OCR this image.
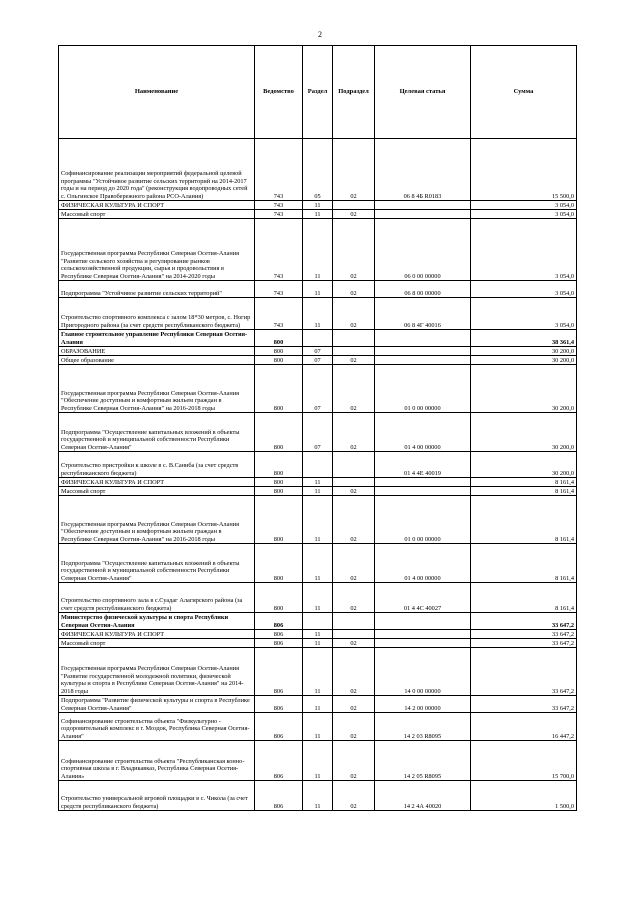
2
Наименование	Ведомство	Раздел	Подраздел	Целевая статья	Сумма
Софинансирование реализации мероприятий федеральной целевой программы "Устойчивое развитие сельских территорий на 2014-2017 годы и на период до 2020 года" (реконструкция водопроводных сетей с. Ольгинское Правобережного района РСО-Алания)	743	05	02	06 8 4Б R0183	15 500,0
ФИЗИЧЕСКАЯ КУЛЬТУРА И СПОРТ	743	11			3 054,0
Массовый спорт	743	11	02		3 054,0
Государственная программа Республики Северная Осетия-Алания "Развитие сельского хозяйства и регулирование рынков сельскохозяйственной продукции, сырья и продовольствия в Республике Северная Осетия-Алания" на 2014-2020 годы	743	11	02	06 0 00 00000	3 054,0
Подпрограмма "Устойчивое развитие сельских территорий"	743	11	02	06 8 00 00000	3 054,0
Строительство спортивного комплекса с залом 18*30 метров, с. Ногир Пригородного района (за счет средств республиканского бюджета)	743	11	02	06 8 4Г 40016	3 054,0
Главное строительное управление Республики Северная Осетия-Алания	800				38 361,4
ОБРАЗОВАНИЕ	800	07			30 200,0
Общее образование	800	07	02		30 200,0
Государственная программа Республики Северная Осетия-Алания "Обеспечение доступным и комфортным жильем граждан в Республике Северная Осетия-Алания" на 2016-2018 годы	800	07	02	01 0 00 00000	30 200,0
Подпрограмма "Осуществление капитальных вложений в объекты государственной и муниципальной собственности Республики Северная Осетия-Алания"	800	07	02	01 4 00 00000	30 200,0
Строительство пристройки к школе в с. В.Саниба (за счет средств республиканского бюджета)	800			01 4 4Е 40019	30 200,0
ФИЗИЧЕСКАЯ КУЛЬТУРА И СПОРТ	800	11			8 161,4
Массовый спорт	800	11	02		8 161,4
Государственная программа Республики Северная Осетия-Алания "Обеспечение доступным и комфортным жильем граждан в Республике Северная Осетия-Алания" на 2016-2018 годы	800	11	02	01 0 00 00000	8 161,4
Подпрограмма "Осуществление капитальных вложений в объекты государственной и муниципальной собственности Республики Северная Осетия-Алания"	800	11	02	01 4 00 00000	8 161,4
Строительство спортивного зала в с.Суадаг Алагирского района (за счет средств республиканского бюджета)	800	11	02	01 4 4С 40027	8 161,4
Министерство физической культуры и спорта Республики Северная Осетия-Алания	806				33 647,2
ФИЗИЧЕСКАЯ КУЛЬТУРА И СПОРТ	806	11			33 647,2
Массовый спорт	806	11	02		33 647,2
Государственная программа Республики Северная Осетия-Алания "Развитие государственной молодежной политики, физической культуры и спорта в Республике Северная Осетия-Алания" на 2014-2018 годы	806	11	02	14 0 00 00000	33 647,2
Подпрограмма "Развитие физической культуры и спорта в Республике Северная Осетия-Алания"	806	11	02	14 2 00 00000	33 647,2
Софинансирование строительства объекта "Физкультурно - оздоровительный комплекс в г. Моздок, Республика Северная Осетия-Алания"	806	11	02	14 2 03 R8095	16 447,2
Софинансирование строительства объекта "Республиканская конно-спортивная школа в г. Владикавказ, Республика Северная Осетия-Алания»	806	11	02	14 2 05 R8095	15 700,0
Строительство универсальной игровой площадки в с. Чикола (за счет средств республиканского бюджета)	806	11	02	14 2 4А 40020	1 500,0
